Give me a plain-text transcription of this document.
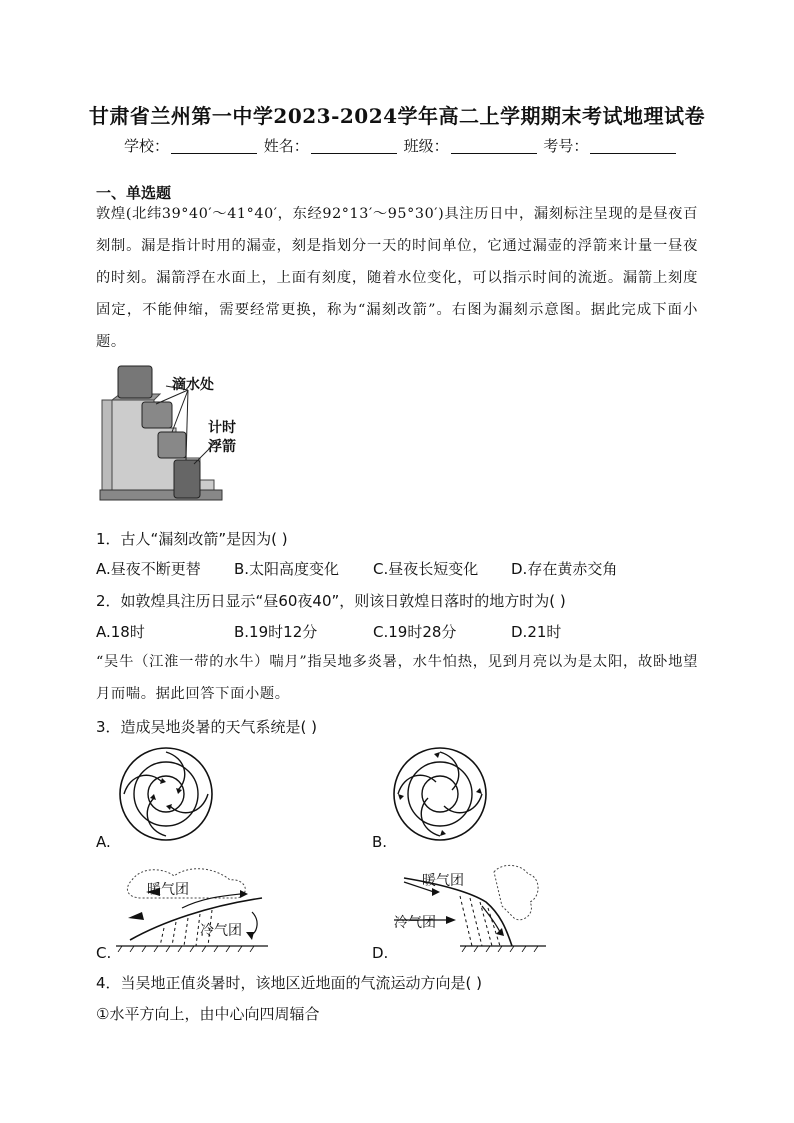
甘肃省兰州第一中学2023-2024学年高二上学期期末考试地理试卷
学校：	姓名：	班级：	考号：
一、单选题
敦煌(北纬39°40′～41°40′，东经92°13′～95°30′)具注历日中，漏刻标注呈现的是昼夜百刻制。漏是指计时用的漏壶，刻是指划分一天的时间单位，它通过漏壶的浮箭来计量一昼夜的时刻。漏箭浮在水面上，上面有刻度，随着水位变化，可以指示时间的流逝。漏箭上刻度固定，不能伸缩，需要经常更换，称为“漏刻改箭”。右图为漏刻示意图。据此完成下面小题。
滴水处
计时
浮箭
1．古人“漏刻改箭”是因为( )
A.昼夜不断更替 B.太阳高度变化 C.昼夜长短变化 D.存在黄赤交角
2．如敦煌具注历日显示“昼60夜40”，则该日敦煌日落时的地方时为( )
A.18时	B.19时12分	C.19时28分	D.21时
“吴牛（江淮一带的水牛）喘月”指吴地多炎暑，水牛怕热，见到月亮以为是太阳，故卧地望月而喘。据此回答下面小题。
3．造成吴地炎暑的天气系统是( )
A.	B.
暖气团
冷气团
C.
暖气团
冷气团
D.
4．当吴地正值炎暑时，该地区近地面的气流运动方向是( )
①水平方向上，由中心向四周辐合
